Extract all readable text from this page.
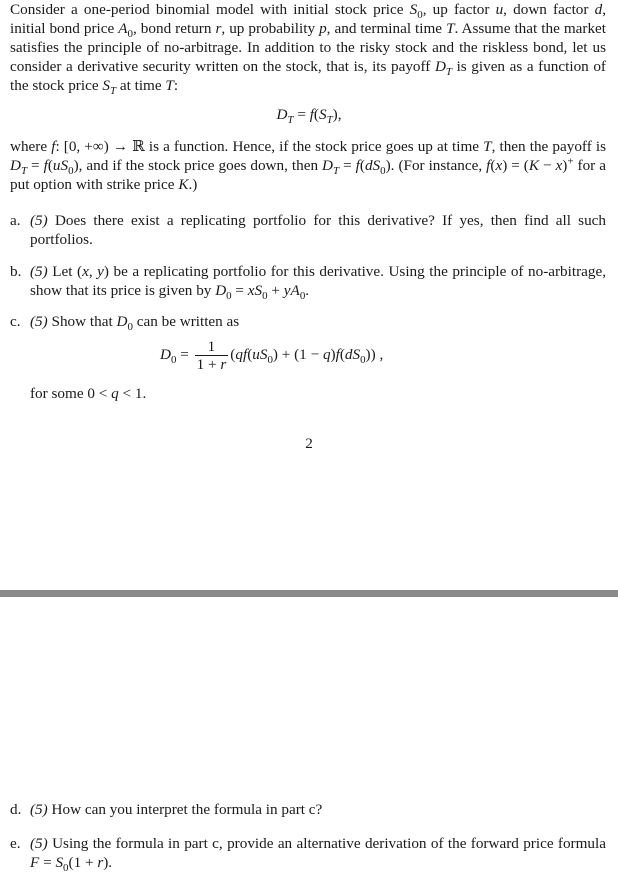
Consider a one-period binomial model with initial stock price $S_0$, up factor u, down factor d, initial bond price $A_0$, bond return r, up probability p, and terminal time T. Assume that the market satisfies the principle of no-arbitrage. In addition to the risky stock and the riskless bond, let us consider a derivative security written on the stock, that is, its payoff $D_T$ is given as a function of the stock price $S_T$ at time T:
$D_T = f(S_T)$,
where f: [0, +∞) → ℝ is a function. Hence, if the stock price goes up at time T, then the payoff is $D_T = f(uS_0)$, and if the stock price goes down, then $D_T = f(dS_0)$. (For instance, f(x) = (K − x)+ for a put option with strike price K.)
a. (5) Does there exist a replicating portfolio for this derivative? If yes, then find all such portfolios.
b. (5) Let (x, y) be a replicating portfolio for this derivative. Using the principle of no-arbitrage, show that its price is given by $D_0 = xS_0 + yA_0$.
c. (5) Show that $D_0$ can be written as
$D_0 = \frac{1}{1 + r} (qf(uS_0) + (1 - q)f(dS_0))$ ,
for some 0 < q < 1.
2
d. (5) How can you interpret the formula in part c?
e. (5) Using the formula in part c, provide an alternative derivation of the forward price formula $F = S_0(1 + r)$.
